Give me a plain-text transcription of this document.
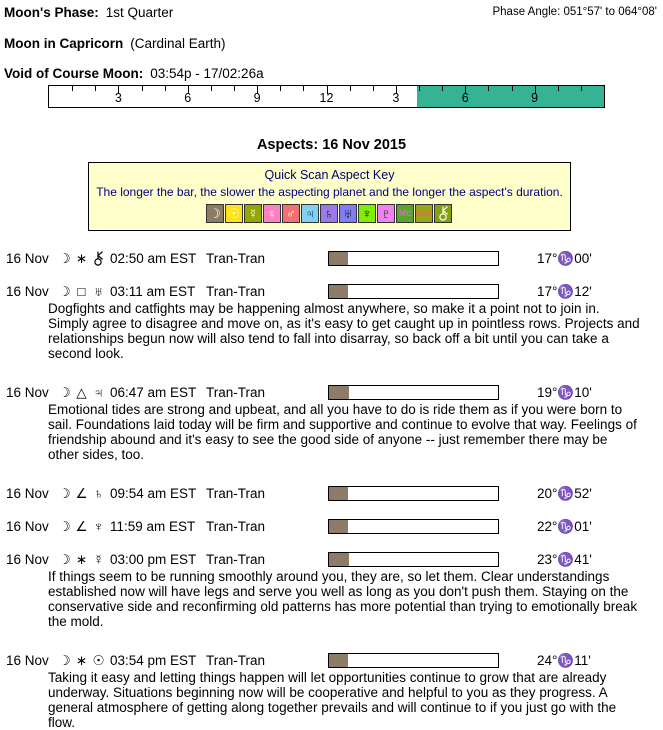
Moon's Phase: 1st Quarter	Phase Angle: 051°57' to 064°08'
Moon in Capricorn (Cardinal Earth)
Void of Course Moon: 03:54p - 17/02:26a
3	6	9	12	3	6	9
Aspects: 16 Nov 2015
Quick Scan Aspect Key
The longer the bar, the slower the aspecting planet and the longer the aspect's duration.
☽ ☉ ☿ ♀ ♂ ♃ ♄ ♅ ♆ ♇ Mc Asc
16 Nov ☽ ∗ 02:50 am EST Tran-Tran	17°♑00'
16 Nov ☽ □ ♅ 03:11 am EST Tran-Tran	17°♑12'

Dogfights and catfights may be happening almost anywhere, so make it a point not to join in. Simply agree to disagree and move on, as it's easy to get caught up in pointless rows. Projects and relationships begun now will also tend to fall into disarray, so back off a bit until you can take a second look.

16 Nov ☽ △ ♃ 06:47 am EST Tran-Tran	19°♑10'

Emotional tides are strong and upbeat, and all you have to do is ride them as if you were born to sail. Foundations laid today will be firm and supportive and continue to evolve that way. Feelings of friendship abound and it's easy to see the good side of anyone -- just remember there may be other sides, too.

16 Nov ☽ ∠ ♄ 09:54 am EST Tran-Tran	20°♑52'
16 Nov ☽ ∠ ♆ 11:59 am EST Tran-Tran	22°♑01'
16 Nov ☽ ∗ ☿ 03:00 pm EST Tran-Tran	23°♑41'

If things seem to be running smoothly around you, they are, so let them. Clear understandings established now will have legs and serve you well as long as you don't push them. Staying on the conservative side and reconfirming old patterns has more potential than trying to emotionally break the mold.

16 Nov ☽ ∗ ☉ 03:54 pm EST Tran-Tran	24°♑11'

Taking it easy and letting things happen will let opportunities continue to grow that are already underway. Situations beginning now will be cooperative and helpful to you as they progress. A general atmosphere of getting along together prevails and will continue to if you just go with the flow.
